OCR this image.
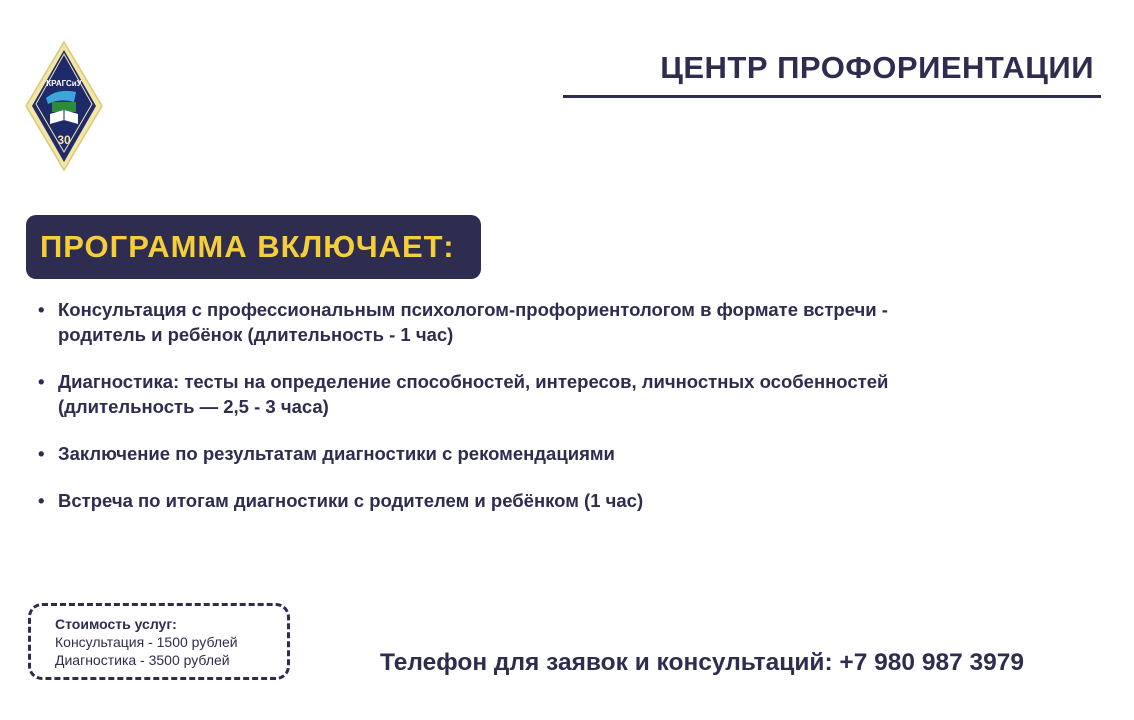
КРАГСиУ
30
ЦЕНТР ПРОФОРИЕНТАЦИИ
ПРОГРАММА ВКЛЮЧАЕТ:
• Консультация с профессиональным психологом-профориентологом в формате встречи -
родитель и ребёнок (длительность - 1 час)
• Диагностика: тесты на определение способностей, интересов, личностных особенностей
(длительность — 2,5 - 3 часа)
• Заключение по результатам диагностики с рекомендациями
• Встреча по итогам диагностики с родителем и ребёнком (1 час)
Стоимость услуг:
Консультация - 1500 рублей
Диагностика - 3500 рублей	Телефон для заявок и консультаций: +7 980 987 3979
